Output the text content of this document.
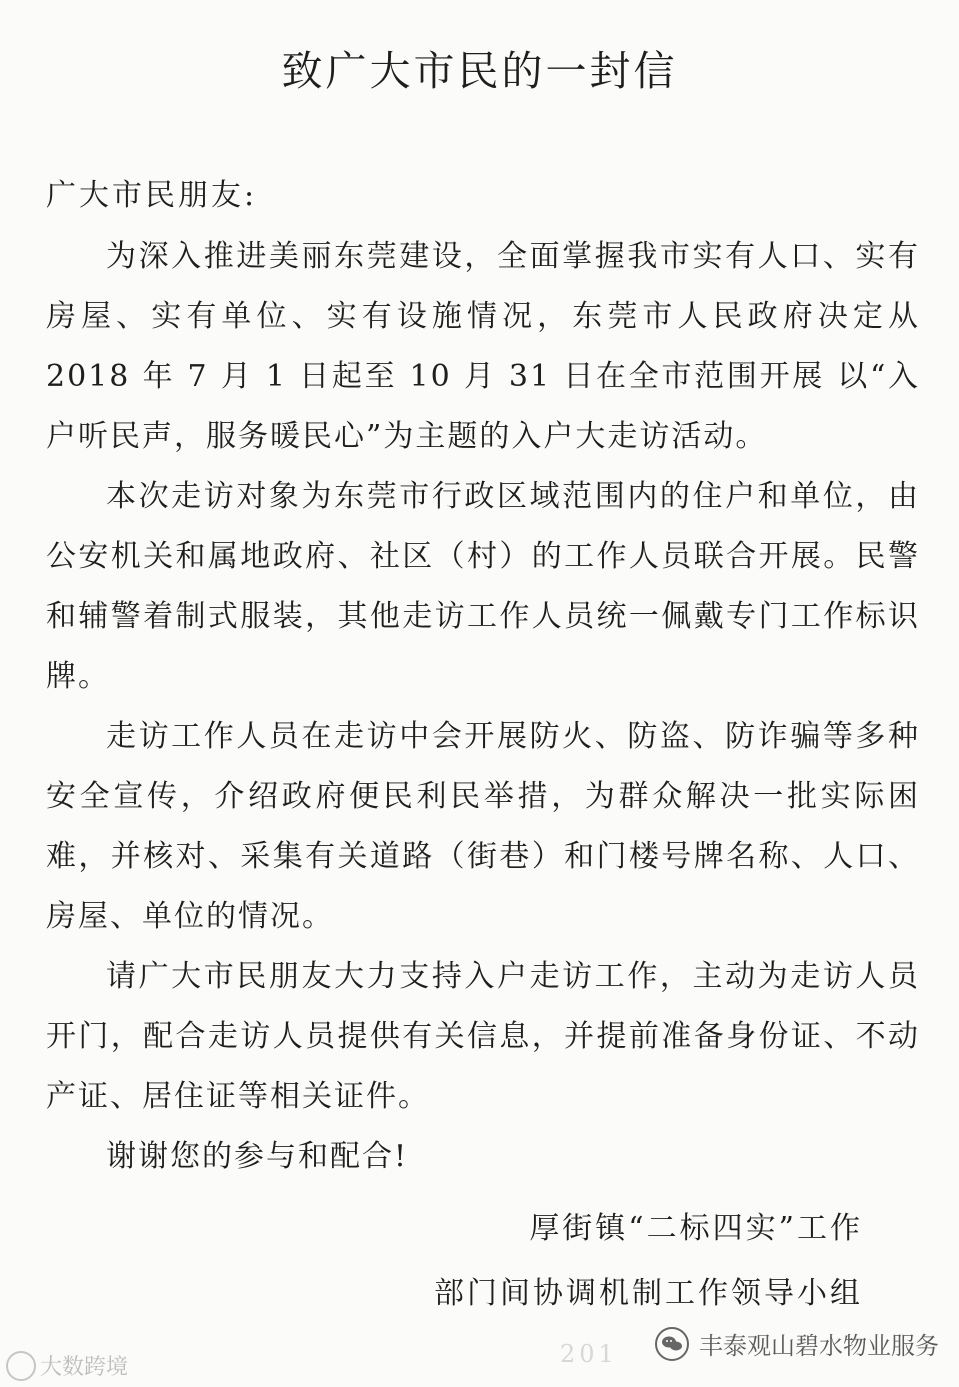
致广大市民的一封信
广大市民朋友:

为深入推进美丽东莞建设，全面掌握我市实有人口、实有房屋、实有单位、实有设施情况，东莞市人民政府决定从 2018 年 7 月 1 日起至 10 月 31 日在全市范围开展 以“入户听民声，服务暖民心”为主题的入户大走访活动。

本次走访对象为东莞市行政区域范围内的住户和单位，由公安机关和属地政府、社区（村）的工作人员联合开展。民警和辅警着制式服装，其他走访工作人员统一佩戴专门工作标识牌。

走访工作人员在走访中会开展防火、防盗、防诈骗等多种安全宣传，介绍政府便民利民举措，为群众解决一批实际困难，并核对、采集有关道路（街巷）和门楼号牌名称、人口、房屋、单位的情况。

请广大市民朋友大力支持入户走访工作，主动为走访人员开门，配合走访人员提供有关信息，并提前准备身份证、不动产证、居住证等相关证件。

谢谢您的参与和配合!

厚街镇“二标四实”工作
部门间协调机制工作领导小组
201
大数跨境
丰泰观山碧水物业服务
